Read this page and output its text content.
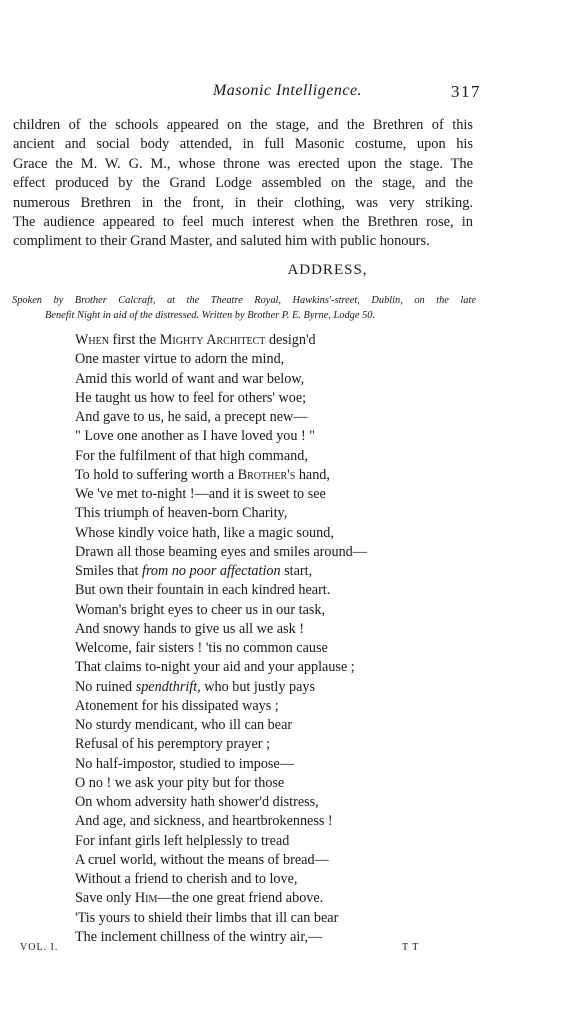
Masonic Intelligence.	317
children of the schools appeared on the stage, and the Brethren of this
ancient and social body attended, in full Masonic costume, upon his
Grace the M. W. G. M., whose throne was erected upon the stage. The
effect produced by the Grand Lodge assembled on the stage, and the
numerous Brethren in the front, in their clothing, was very striking.
The audience appeared to feel much interest when the Brethren rose, in
compliment to their Grand Master, and saluted him with public honours.
ADDRESS,
Spoken by Brother Calcraft, at the Theatre Royal, Hawkins'-street, Dublin, on the late
Benefit Night in aid of the distressed. Written by Brother P. E. Byrne, Lodge 50.
When first the Mighty Architect design'd
One master virtue to adorn the mind,
Amid this world of want and war below,
He taught us how to feel for others' woe;
And gave to us, he said, a precept new—
" Love one another as I have loved you ! "
For the fulfilment of that high command,
To hold to suffering worth a Brother's hand,
We 've met to-night !—and it is sweet to see
This triumph of heaven-born Charity,
Whose kindly voice hath, like a magic sound,
Drawn all those beaming eyes and smiles around—
Smiles that from no poor affectation start,
But own their fountain in each kindred heart.
Woman's bright eyes to cheer us in our task,
And snowy hands to give us all we ask !
Welcome, fair sisters ! 'tis no common cause
That claims to-night your aid and your applause ;
No ruined spendthrift, who but justly pays
Atonement for his dissipated ways ;
No sturdy mendicant, who ill can bear
Refusal of his peremptory prayer ;
No half-impostor, studied to impose—
O no ! we ask your pity but for those
On whom adversity hath shower'd distress,
And age, and sickness, and heartbrokenness !
For infant girls left helplessly to tread
A cruel world, without the means of bread—
Without a friend to cherish and to love,
Save only Him—the one great friend above.
'Tis yours to shield their limbs that ill can bear
The inclement chillness of the wintry air,—
VOL. I.	T T
